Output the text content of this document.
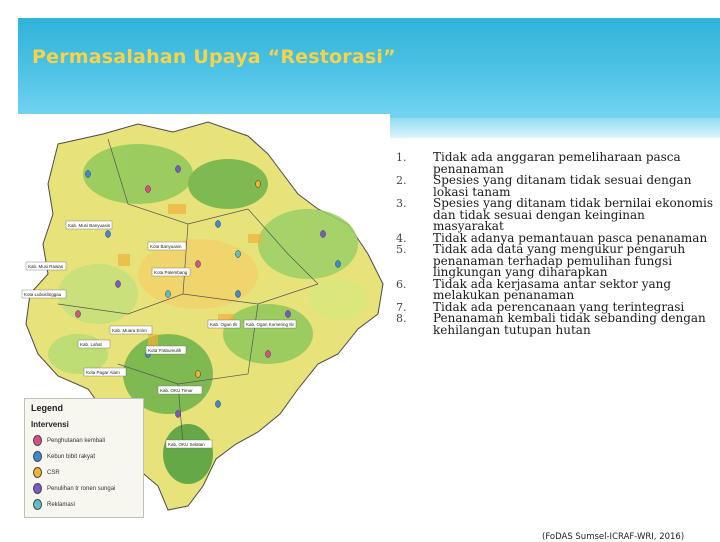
Permasalahan Upaya “Restorasi”
Kab. Musi Banyuasin
Kota Banyuasin
Kab. Musi Rawas
Kota Palembang
Kota Lubuklinggau
Kab. Ogan Komering Ilir
Kab. Muara Enim
Kab. Lahat
Kota Prabumulih
Kab. Ogan Ilir
Kota Pagar Alam
Kab. OKU Timur
Kab. OKU Selatan
Legend
Intervensi
Penghutanan kembali
Kebun bibit rakyat
CSR
Penulihan tr ronen sungai
Reklamasi
1.	Tidak ada anggaran pemeliharaan pasca penanaman
2.	Spesies yang ditanam tidak sesuai dengan lokasi tanam
3.	Spesies yang ditanam tidak bernilai ekonomis dan tidak sesuai dengan keinginan masyarakat
4.	Tidak adanya pemantauan pasca penanaman
5.	Tidak ada data yang mengukur pengaruh penanaman terhadap pemulihan fungsi lingkungan yang diharapkan
6.	Tidak ada kerjasama antar sektor yang melakukan penanaman
7.	Tidak ada perencanaan yang terintegrasi
8.	Penanaman kembali tidak sebanding dengan kehilangan tutupan hutan
(FoDAS Sumsel-ICRAF-WRI, 2016)
